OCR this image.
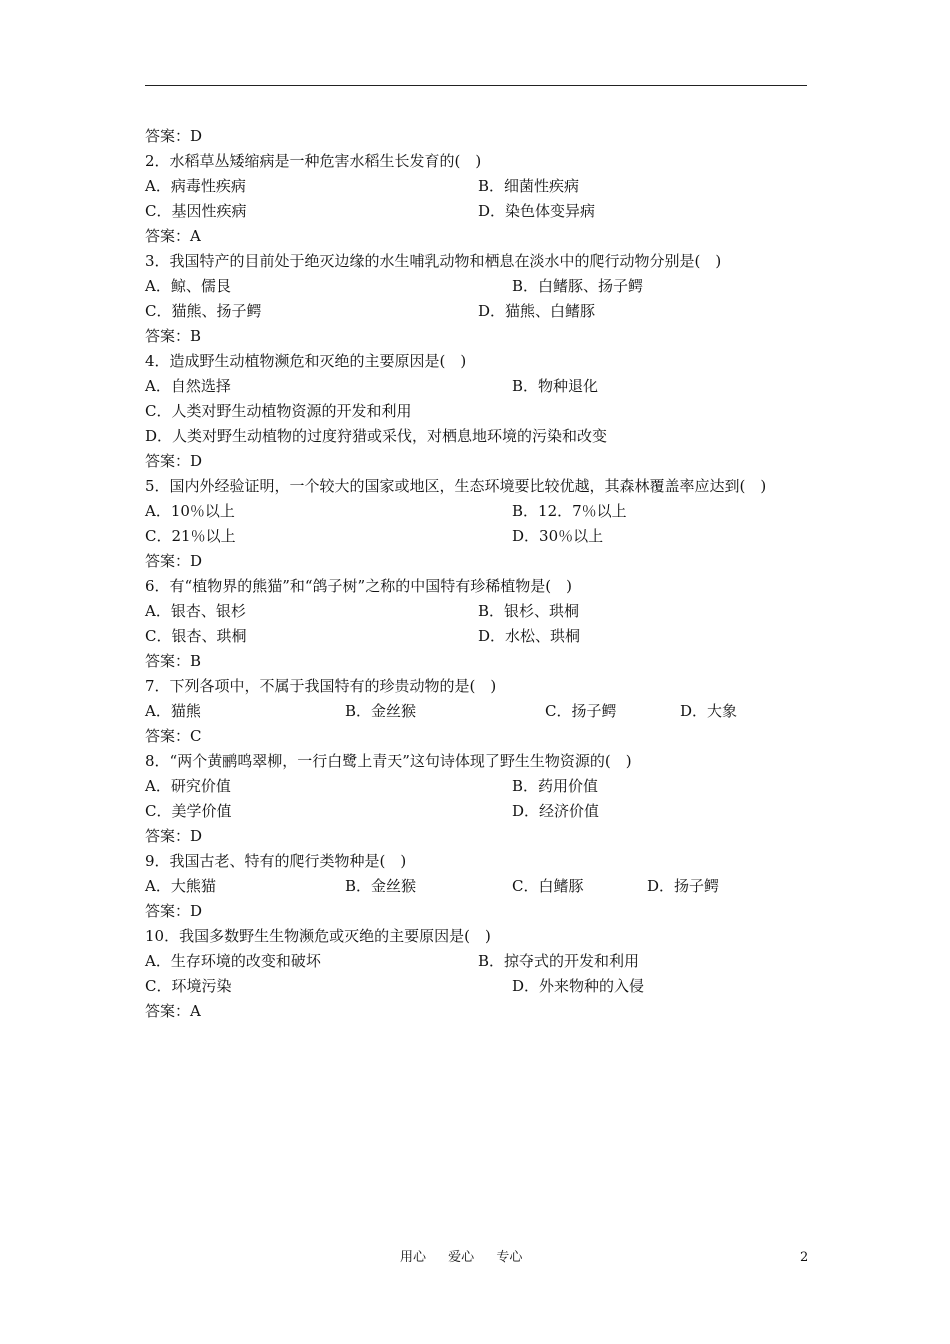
答案：D
2．水稻草丛矮缩病是一种危害水稻生长发育的(　)
A．病毒性疾病	B．细菌性疾病
C．基因性疾病	D．染色体变异病
答案：A
3．我国特产的目前处于绝灭边缘的水生哺乳动物和栖息在淡水中的爬行动物分别是(　)
A．鲸、儒艮	B．白鳍豚、扬子鳄
C．猫熊、扬子鳄	D．猫熊、白鳍豚
答案：B
4．造成野生动植物濒危和灭绝的主要原因是(　)
A．自然选择	B．物种退化
C．人类对野生动植物资源的开发和利用
D．人类对野生动植物的过度狩猎或采伐，对栖息地环境的污染和改变
答案：D
5．国内外经验证明，一个较大的国家或地区，生态环境要比较优越，其森林覆盖率应达到(　)
A．10％以上	B．12．7％以上
C．21％以上	D．30％以上
答案：D
6．有“植物界的熊猫”和“鸽子树”之称的中国特有珍稀植物是(　)
A．银杏、银杉	B．银杉、珙桐
C．银杏、珙桐	D．水松、珙桐
答案：B
7．下列各项中，不属于我国特有的珍贵动物的是(　)
A．猫熊	B．金丝猴	C．扬子鳄	D．大象
答案：C
8．“两个黄鹂鸣翠柳，一行白鹭上青天”这句诗体现了野生生物资源的(　)
A．研究价值	B．药用价值
C．美学价值	D．经济价值
答案：D
9．我国古老、特有的爬行类物种是(　)
A．大熊猫	B．金丝猴	C．白鳍豚	D．扬子鳄
答案：D
10．我国多数野生生物濒危或灭绝的主要原因是(　)
A．生存环境的改变和破坏	B．掠夺式的开发和利用
C．环境污染	D．外来物种的入侵
答案：A
用心 爱心 专心	2
